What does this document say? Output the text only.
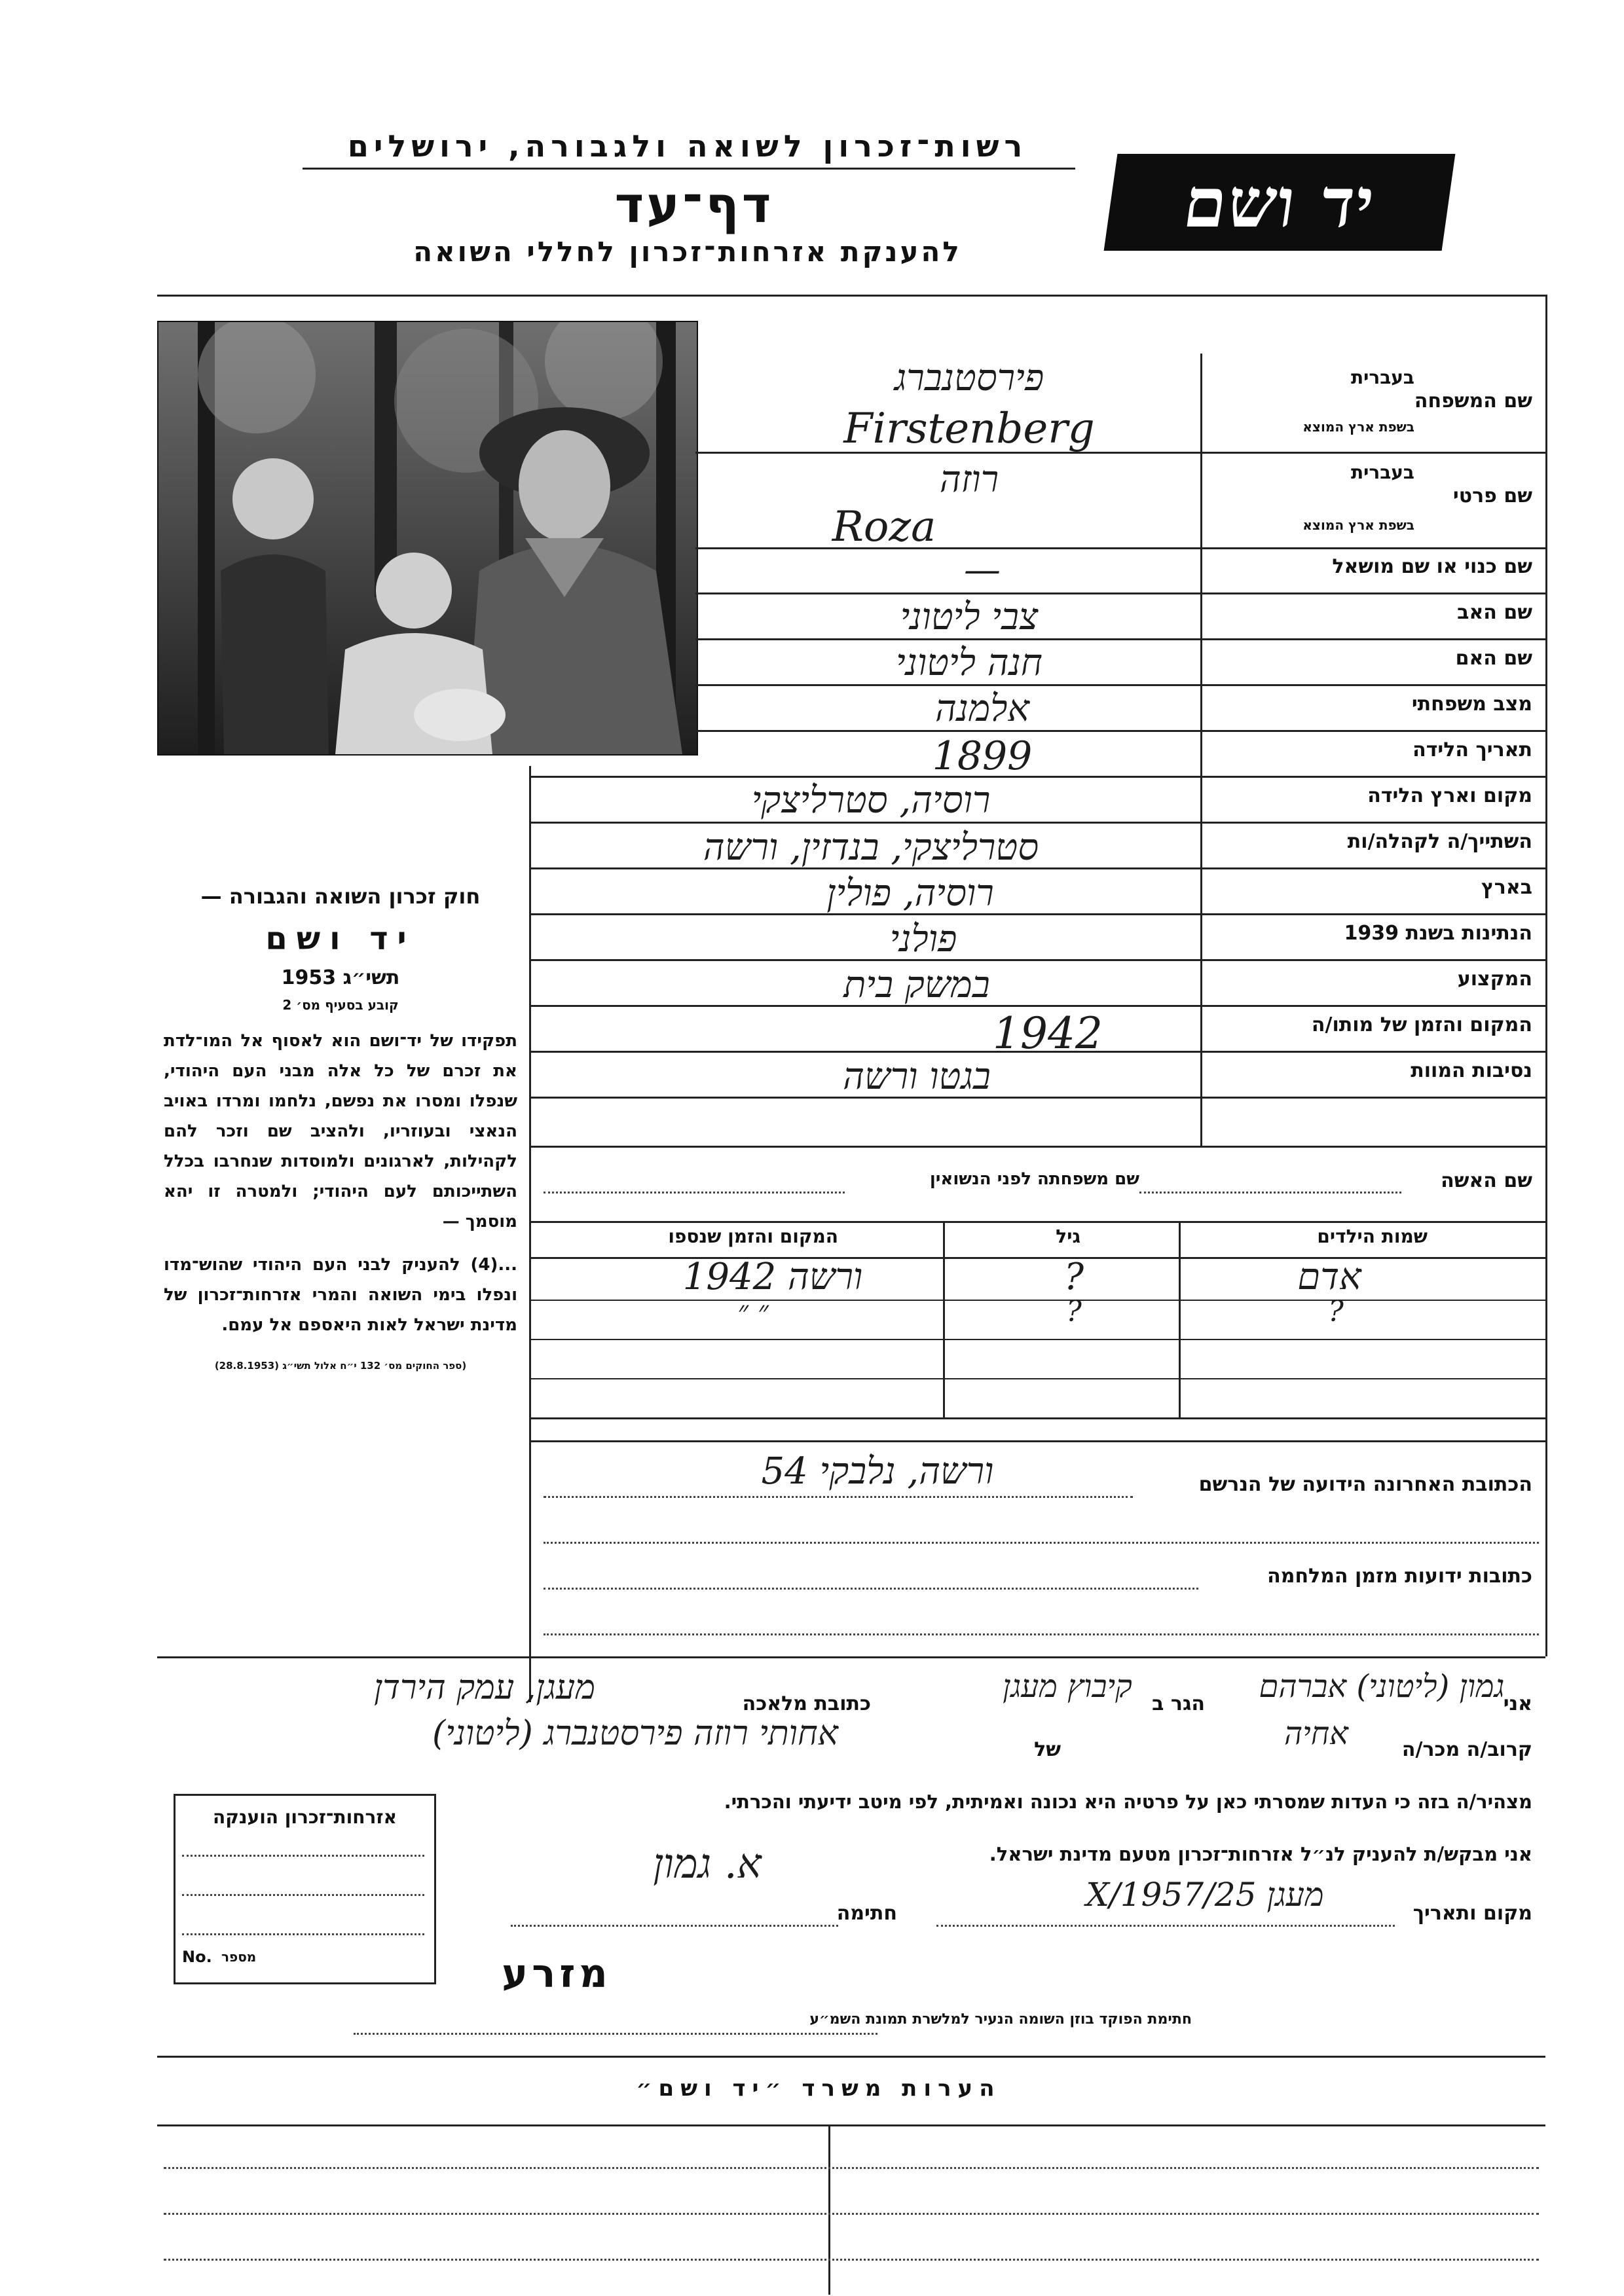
רשות־זכרון לשואה ולגבורה, ירושלים
דף־עד
להענקת אזרחות־זכרון לחללי השואה
יד ושם
שם המשפחה
בעברית
בשפת ארץ המוצא
שם פרטי
בעברית
בשפת ארץ המוצא
שם כנוי או שם מושאל
שם האב
שם האם
מצב משפחתי
תאריך הלידה
מקום וארץ הלידה
השתייך/ה לקהלה/ות
בארץ
הנתינות בשנת 1939
המקצוע
המקום והזמן של מותו/ה
נסיבות המוות
פירסטנברג
Firstenberg
רוזה
Roza
—
צבי ליטוני
חנה ליטוני
אלמנה
1899
רוסיה, סטרליצקי
סטרליצקי, בנדזין, ורשה
רוסיה, פולין
פולני
במשק בית
1942
בגטו ורשה
חוק זכרון השואה והגבורה —
יד ושם
תשי״ג 1953
קובע בסעיף מס׳ 2
תפקידו של יד־ושם הוא לאסוף אל המו־לדת את זכרם של כל אלה מבני העם היהודי, שנפלו ומסרו את נפשם, נלחמו ומרדו באויב הנאצי ובעוזריו, ולהציב שם וזכר להם לקהילות, לארגונים ולמוסדות שנחרבו בכלל השתייכותם לעם היהודי; ולמטרה זו יהא מוסמך —
...(4) להעניק לבני העם היהודי שהוש־מדו ונפלו בימי השואה והמרי אזרחות־זכרון של מדינת ישראל לאות היאספם אל עמם.
(ספר החוקים מס׳ 132 י״ח אלול תשי״ג (28.8.1953)
שם האשה
שם משפחתה לפני הנשואין
שמות הילדים
גיל
המקום והזמן שנספו
אדם
?
ורשה 1942
?
?
״ ״
הכתובת האחרונה הידועה של הנרשם
ורשה, נלבקי 54
כתובות ידועות מזמן המלחמה
אני
גמון (ליטוני) אברהם
הגר ב
קיבוץ מעגן
כתובת מלאכה
מעגן, עמק הירדן
קרוב/ה מכר/ה
אחיה
של
אחותי רוזה פירסטנברג (ליטוני)
מצהיר/ה בזה כי העדות שמסרתי כאן על פרטיה היא נכונה ואמיתית, לפי מיטב ידיעתי והכרתי.
אני מבקש/ת להעניק לנ״ל אזרחות־זכרון מטעם מדינת ישראל.
מקום ותאריך
מעגן 25/X/1957
חתימה
א. גמון
מזרע
חתימת הפוקד בוזן השומה הנעיר למלשרת תמונת השמ״ע
אזרחות־זכרון הוענקה
No. מספר
הערות משרד ״יד ושם״
